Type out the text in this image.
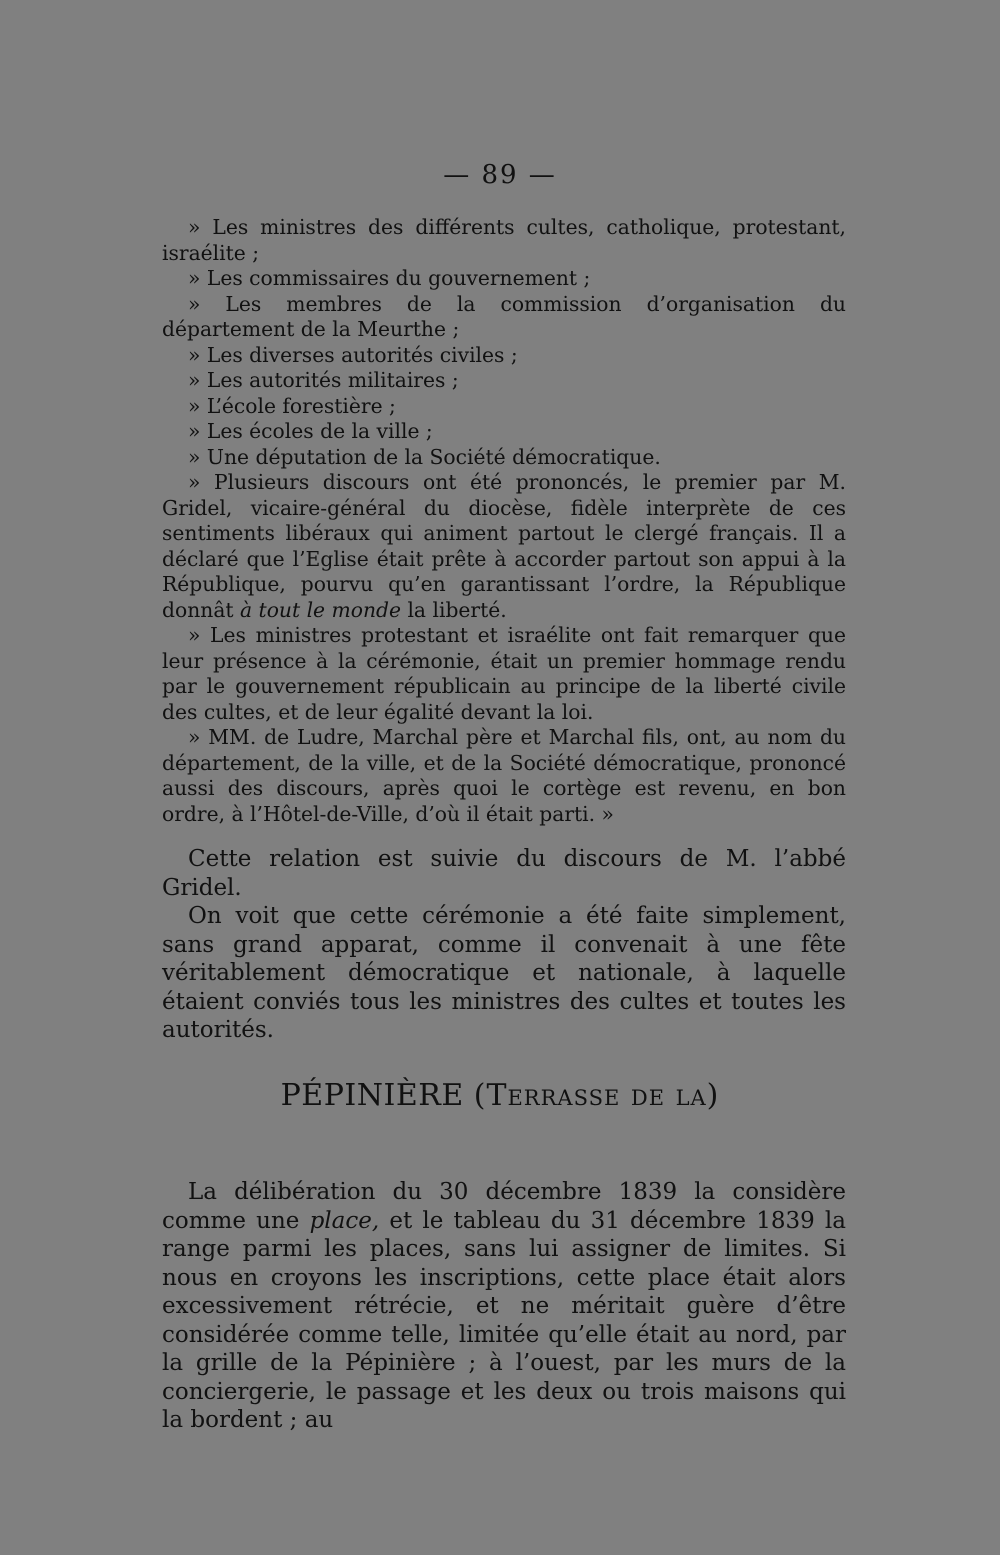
— 89 —

» Les ministres des différents cultes, catholique, protestant, israélite ;

» Les commissaires du gouvernement ;

» Les membres de la commission d’organisation du département de la Meurthe ;

» Les diverses autorités civiles ;

» Les autorités militaires ;

» L’école forestière ;

» Les écoles de la ville ;

» Une députation de la Société démocratique.

» Plusieurs discours ont été prononcés, le premier par M. Gridel, vicaire-général du diocèse, fidèle interprète de ces sentiments libéraux qui animent partout le clergé français. Il a déclaré que l’Eglise était prête à accorder partout son appui à la République, pourvu qu’en garantissant l’ordre, la République donnât à tout le monde la liberté.

» Les ministres protestant et israélite ont fait remarquer que leur présence à la cérémonie, était un premier hommage rendu par le gouvernement républicain au principe de la liberté civile des cultes, et de leur égalité devant la loi.

» MM. de Ludre, Marchal père et Marchal fils, ont, au nom du département, de la ville, et de la Société démocratique, prononcé aussi des discours, après quoi le cortège est revenu, en bon ordre, à l’Hôtel-de-Ville, d’où il était parti. »

Cette relation est suivie du discours de M. l’abbé Gridel.

On voit que cette cérémonie a été faite simplement, sans grand apparat, comme il convenait à une fête véritablement démocratique et nationale, à laquelle étaient conviés tous les ministres des cultes et toutes les autorités.

PÉPINIÈRE (Terrasse de la)

La délibération du 30 décembre 1839 la considère comme une place, et le tableau du 31 décembre 1839 la range parmi les places, sans lui assigner de limites. Si nous en croyons les inscriptions, cette place était alors excessivement rétrécie, et ne méritait guère d’être considérée comme telle, limitée qu’elle était au nord, par la grille de la Pépinière ; à l’ouest, par les murs de la conciergerie, le passage et les deux ou trois maisons qui la bordent ; au
